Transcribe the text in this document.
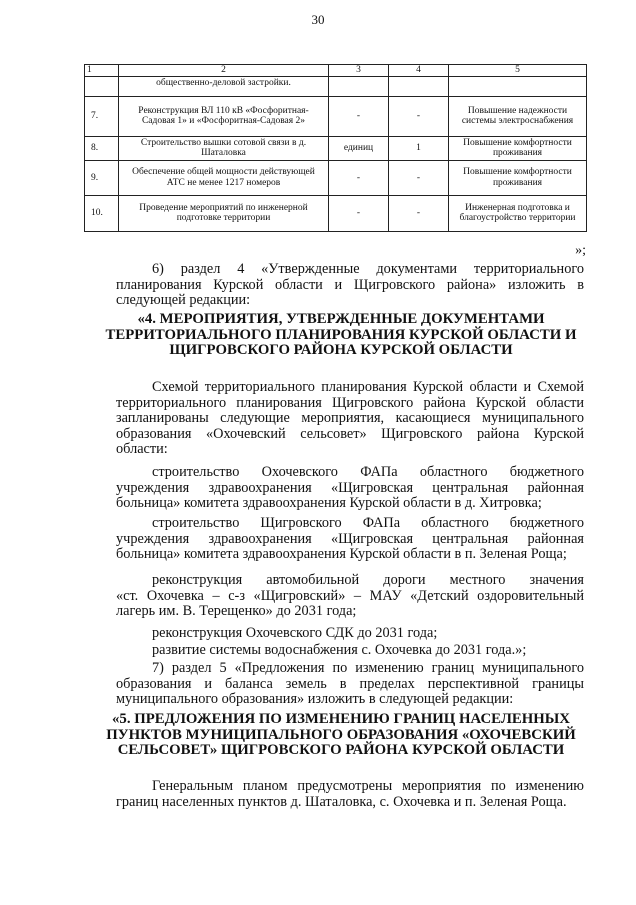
30
1	2	3	4	5
	общественно-деловой застройки.			
7.	Реконструкция ВЛ 110 кВ «Фосфоритная-Садовая 1» и «Фосфоритная-Садовая 2»	-	-	Повышение надежности системы электроснабжения
8.	Строительство вышки сотовой связи в д. Шаталовка	единиц	1	Повышение комфортности проживания
9.	Обеспечение общей мощности действующей АТС не менее 1217 номеров	-	-	Повышение комфортности проживания
10.	Проведение мероприятий по инженерной подготовке территории	-	-	Инженерная подготовка и благоустройство территории
»;
6) раздел 4 «Утвержденные документами территориального
планирования Курской области и Щигровского района» изложить в
следующей редакции:
«4. МЕРОПРИЯТИЯ, УТВЕРЖДЕННЫЕ ДОКУМЕНТАМИ
ТЕРРИТОРИАЛЬНОГО ПЛАНИРОВАНИЯ КУРСКОЙ ОБЛАСТИ И
ЩИГРОВСКОГО РАЙОНА КУРСКОЙ ОБЛАСТИ
Схемой территориального планирования Курской области и Схемой
территориального планирования Щигровского района Курской области
запланированы следующие мероприятия, касающиеся муниципального
образования «Охочевский сельсовет» Щигровского района Курской
области:
строительство Охочевского ФАПа областного бюджетного
учреждения здравоохранения «Щигровская центральная районная
больница» комитета здравоохранения Курской области в д. Хитровка;
строительство Щигровского ФАПа областного бюджетного
учреждения здравоохранения «Щигровская центральная районная
больница» комитета здравоохранения Курской области в п. Зеленая Роща;
реконструкция автомобильной дороги местного значения
«ст. Охочевка – с-з «Щигровский» – МАУ «Детский оздоровительный
лагерь им. В. Терещенко» до 2031 года;
реконструкция Охочевского СДК до 2031 года;
развитие системы водоснабжения с. Охочевка до 2031 года.»;
7) раздел 5 «Предложения по изменению границ муниципального
образования и баланса земель в пределах перспективной границы
муниципального образования» изложить в следующей редакции:
«5. ПРЕДЛОЖЕНИЯ ПО ИЗМЕНЕНИЮ ГРАНИЦ НАСЕЛЕННЫХ
ПУНКТОВ МУНИЦИПАЛЬНОГО ОБРАЗОВАНИЯ «ОХОЧЕВСКИЙ
СЕЛЬСОВЕТ» ЩИГРОВСКОГО РАЙОНА КУРСКОЙ ОБЛАСТИ
Генеральным планом предусмотрены мероприятия по изменению
границ населенных пунктов д. Шаталовка, с. Охочевка и п. Зеленая Роща.
